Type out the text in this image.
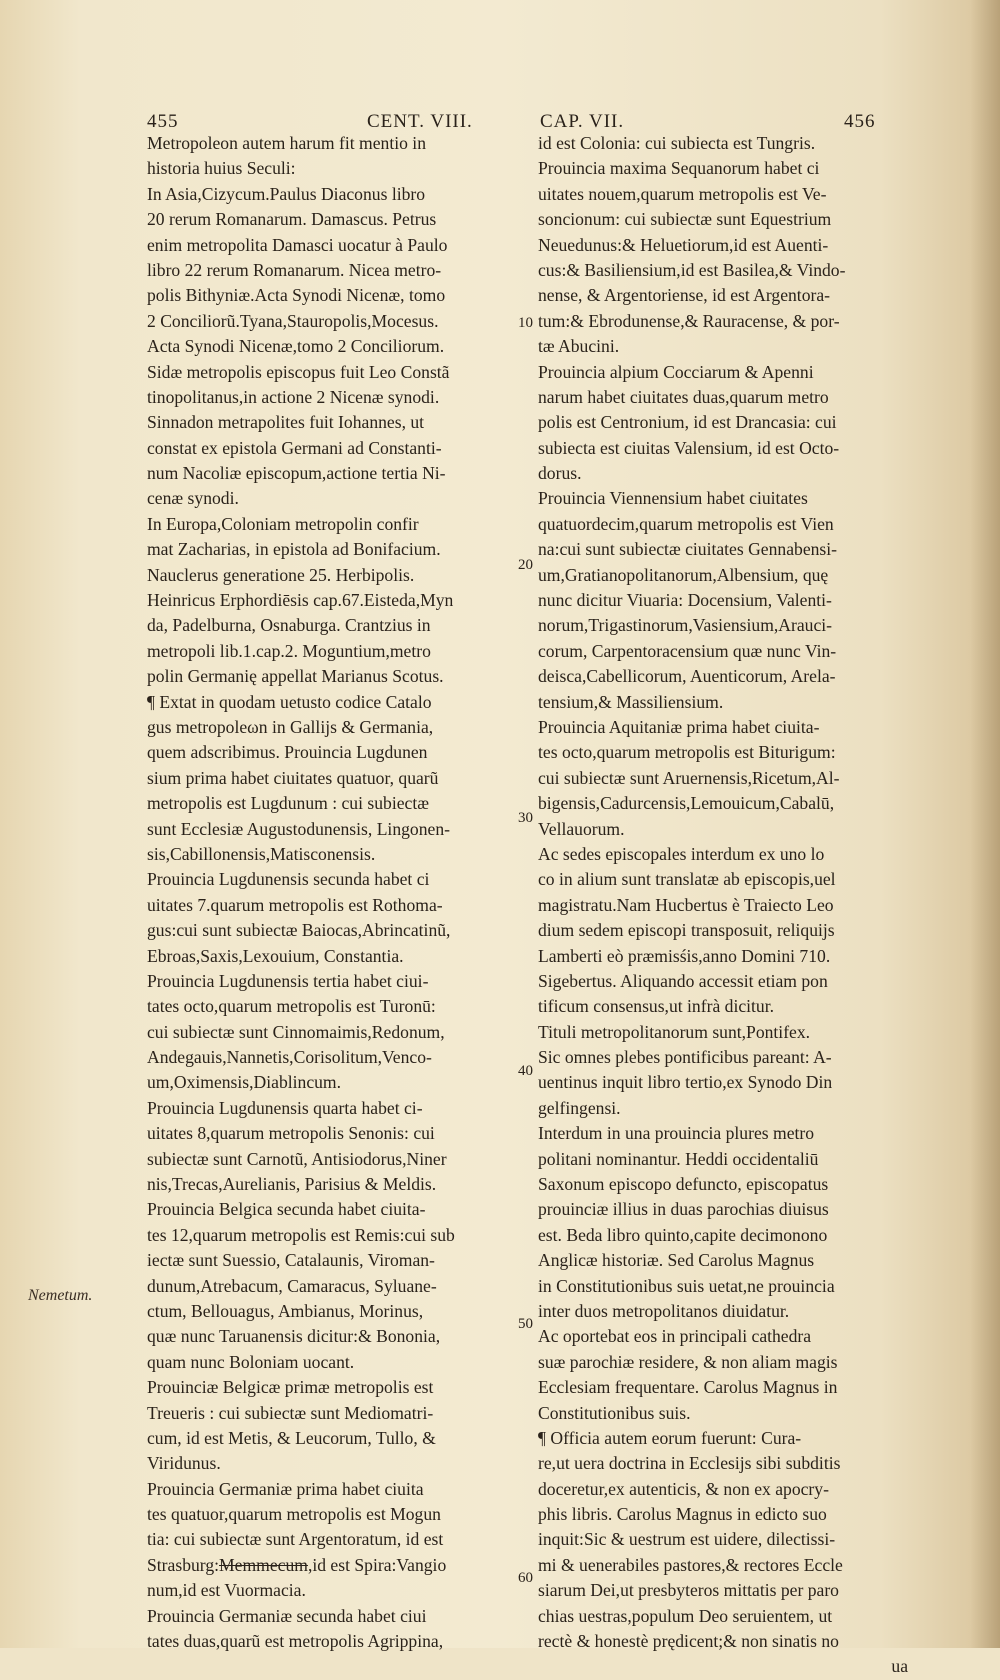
455	CENT. VIII.	CAP. VII.	456
Nemetum.
10
20
30
40
50
60
Metropoleon autem harum fit mentio in
historia huius Seculi:
In Asia,Cizycum.Paulus Diaconus libro
20 rerum Romanarum. Damascus. Petrus
enim metropolita Damasci uocatur à Paulo
libro 22 rerum Romanarum. Nicea metro-
polis Bithyniæ.Acta Synodi Nicenæ, tomo
2 Conciliorũ.Tyana,Stauropolis,Mocesus.
Acta Synodi Nicenæ,tomo 2 Conciliorum.
Sidæ metropolis episcopus fuit Leo Constã
tinopolitanus,in actione 2 Nicenæ synodi.
Sinnadon metrapolites fuit Iohannes, ut
constat ex epistola Germani ad Constanti-
num Nacoliæ episcopum,actione tertia Ni-
cenæ synodi.
In Europa,Coloniam metropolin confir
mat Zacharias, in epistola ad Bonifacium.
Nauclerus generatione 25. Herbipolis.
Heinricus Erphordiēsis cap.67.Eisteda,Myn
da, Padelburna, Osnaburga. Crantzius in
metropoli lib.1.cap.2. Moguntium,metro
polin Germanię appellat Marianus Scotus.
¶ Extat in quodam uetusto codice Catalo
gus metropoleωn in Gallijs & Germania,
quem adscribimus. Prouincia Lugdunen
sium prima habet ciuitates quatuor, quarũ
metropolis est Lugdunum : cui subiectæ
sunt Ecclesiæ Augustodunensis, Lingonen-
sis,Cabillonensis,Matisconensis.
Prouincia Lugdunensis secunda habet ci
uitates 7.quarum metropolis est Rothoma-
gus:cui sunt subiectæ Baiocas,Abrincatinũ,
Ebroas,Saxis,Lexouium, Constantia.
Prouincia Lugdunensis tertia habet ciui-
tates octo,quarum metropolis est Turonū:
cui subiectæ sunt Cinnomaimis,Redonum,
Andegauis,Nannetis,Corisolitum,Venco-
um,Oximensis,Diablincum.
Prouincia Lugdunensis quarta habet ci-
uitates 8,quarum metropolis Senonis: cui
subiectæ sunt Carnotũ, Antisiodorus,Niner
nis,Trecas,Aurelianis, Parisius & Meldis.
Prouincia Belgica secunda habet ciuita-
tes 12,quarum metropolis est Remis:cui sub
iectæ sunt Suessio, Catalaunis, Viroman-
dunum,Atrebacum, Camaracus, Syluane-
ctum, Bellouagus, Ambianus, Morinus,
quæ nunc Taruanensis dicitur:& Bononia,
quam nunc Boloniam uocant.
Prouinciæ Belgicæ primæ metropolis est
Treueris : cui subiectæ sunt Mediomatri-
cum, id est Metis, & Leucorum, Tullo, &
Viridunus.
Prouincia Germaniæ prima habet ciuita
tes quatuor,quarum metropolis est Mogun
tia: cui subiectæ sunt Argentoratum, id est
Strasburg:Memmecum,id est Spira:Vangio
num,id est Vuormacia.
Prouincia Germaniæ secunda habet ciui
tates duas,quarũ est metropolis Agrippina,
id est Colonia: cui subiecta est Tungris.
Prouincia maxima Sequanorum habet ci
uitates nouem,quarum metropolis est Ve-
soncionum: cui subiectæ sunt Equestrium
Neuedunus:& Heluetiorum,id est Auenti-
cus:& Basiliensium,id est Basilea,& Vindo-
nense, & Argentoriense, id est Argentora-
tum:& Ebrodunense,& Rauracense, & por-
tæ Abucini.
Prouincia alpium Cocciarum & Apenni
narum habet ciuitates duas,quarum metro
polis est Centronium, id est Drancasia: cui
subiecta est ciuitas Valensium, id est Octo-
dorus.
Prouincia Viennensium habet ciuitates
quatuordecim,quarum metropolis est Vien
na:cui sunt subiectæ ciuitates Gennabensi-
um,Gratianopolitanorum,Albensium, quę
nunc dicitur Viuaria: Docensium, Valenti-
norum,Trigastinorum,Vasiensium,Arauci-
corum, Carpentoracensium quæ nunc Vin-
deisca,Cabellicorum, Auenticorum, Arela-
tensium,& Massiliensium.
Prouincia Aquitaniæ prima habet ciuita-
tes octo,quarum metropolis est Biturigum:
cui subiectæ sunt Aruernensis,Ricetum,Al-
bigensis,Cadurcensis,Lemouicum,Cabalū,
Vellauorum.
Ac sedes episcopales interdum ex uno lo
co in alium sunt translatæ ab episcopis,uel
magistratu.Nam Hucbertus è Traiecto Leo
dium sedem episcopi transposuit, reliquijs
Lamberti eò præmisśis,anno Domini 710.
Sigebertus. Aliquando accessit etiam pon
tificum consensus,ut infrà dicitur.
Tituli metropolitanorum sunt,Pontifex.
Sic omnes plebes pontificibus pareant: A-
uentinus inquit libro tertio,ex Synodo Din
gelfingensi.
Interdum in una prouincia plures metro
politani nominantur. Heddi occidentaliū
Saxonum episcopo defuncto, episcopatus
prouinciæ illius in duas parochias diuisus
est. Beda libro quinto,capite decimonono
Anglicæ historiæ. Sed Carolus Magnus
in Constitutionibus suis uetat,ne prouincia
inter duos metropolitanos diuidatur.
Ac oportebat eos in principali cathedra
suæ parochiæ residere, & non aliam magis
Ecclesiam frequentare. Carolus Magnus in
Constitutionibus suis.
¶ Officia autem eorum fuerunt: Cura-
re,ut uera doctrina in Ecclesijs sibi subditis
doceretur,ex autenticis, & non ex apocry-
phis libris. Carolus Magnus in edicto suo
inquit:Sic & uestrum est uidere, dilectissi-
mi & uenerabiles pastores,& rectores Eccle
siarum Dei,ut presbyteros mittatis per paro
chias uestras,populum Deo seruientem, ut
rectè & honestè prędicent;& non sinatis no
ua
